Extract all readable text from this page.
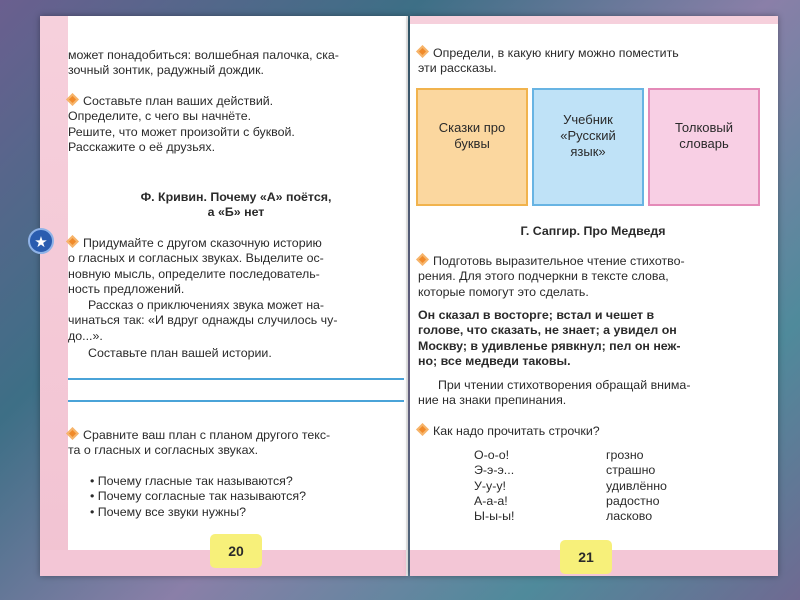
может понадобиться: волшебная палочка, ска-
зочный зонтик, радужный дождик.
Составьте план ваших действий.
Определите, с чего вы начнёте.
Решите, что может произойти с буквой.
Расскажите о её друзьях.
Ф. Кривин. Почему «А» поётся,
а «Б» нет
★	Придумайте с другом сказочную историю
о гласных и согласных звуках. Выделите ос-
новную мысль, определите последователь-
ность предложений.
Рассказ о приключениях звука может на-
чинаться так: «И вдруг однажды случилось чу-
до...».
Составьте план вашей истории.
Сравните ваш план с планом другого текс-
та о гласных и согласных звуках.
• Почему гласные так называются?
• Почему согласные так называются?
• Почему все звуки нужны?
20
Определи, в какую книгу можно поместить
эти рассказы.
Сказки про
буквы
Учебник
«Русский
язык»
Толковый
словарь
Г. Сапгир. Про Медведя
Подготовь выразительное чтение стихотво-
рения. Для этого подчеркни в тексте слова,
которые помогут это сделать.
Он сказал в восторге; встал и чешет в
голове, что сказать, не знает; а увидел он
Москву; в удивленье рявкнул; пел он неж-
но; все медведи таковы.
При чтении стихотворения обращай внима-
ние на знаки препинания.
Как надо прочитать строчки?
О-о-о!
Э-э-э...
У-у-у!
А-а-а!
Ы-ы-ы!
грозно
страшно
удивлённо
радостно
ласково
21
